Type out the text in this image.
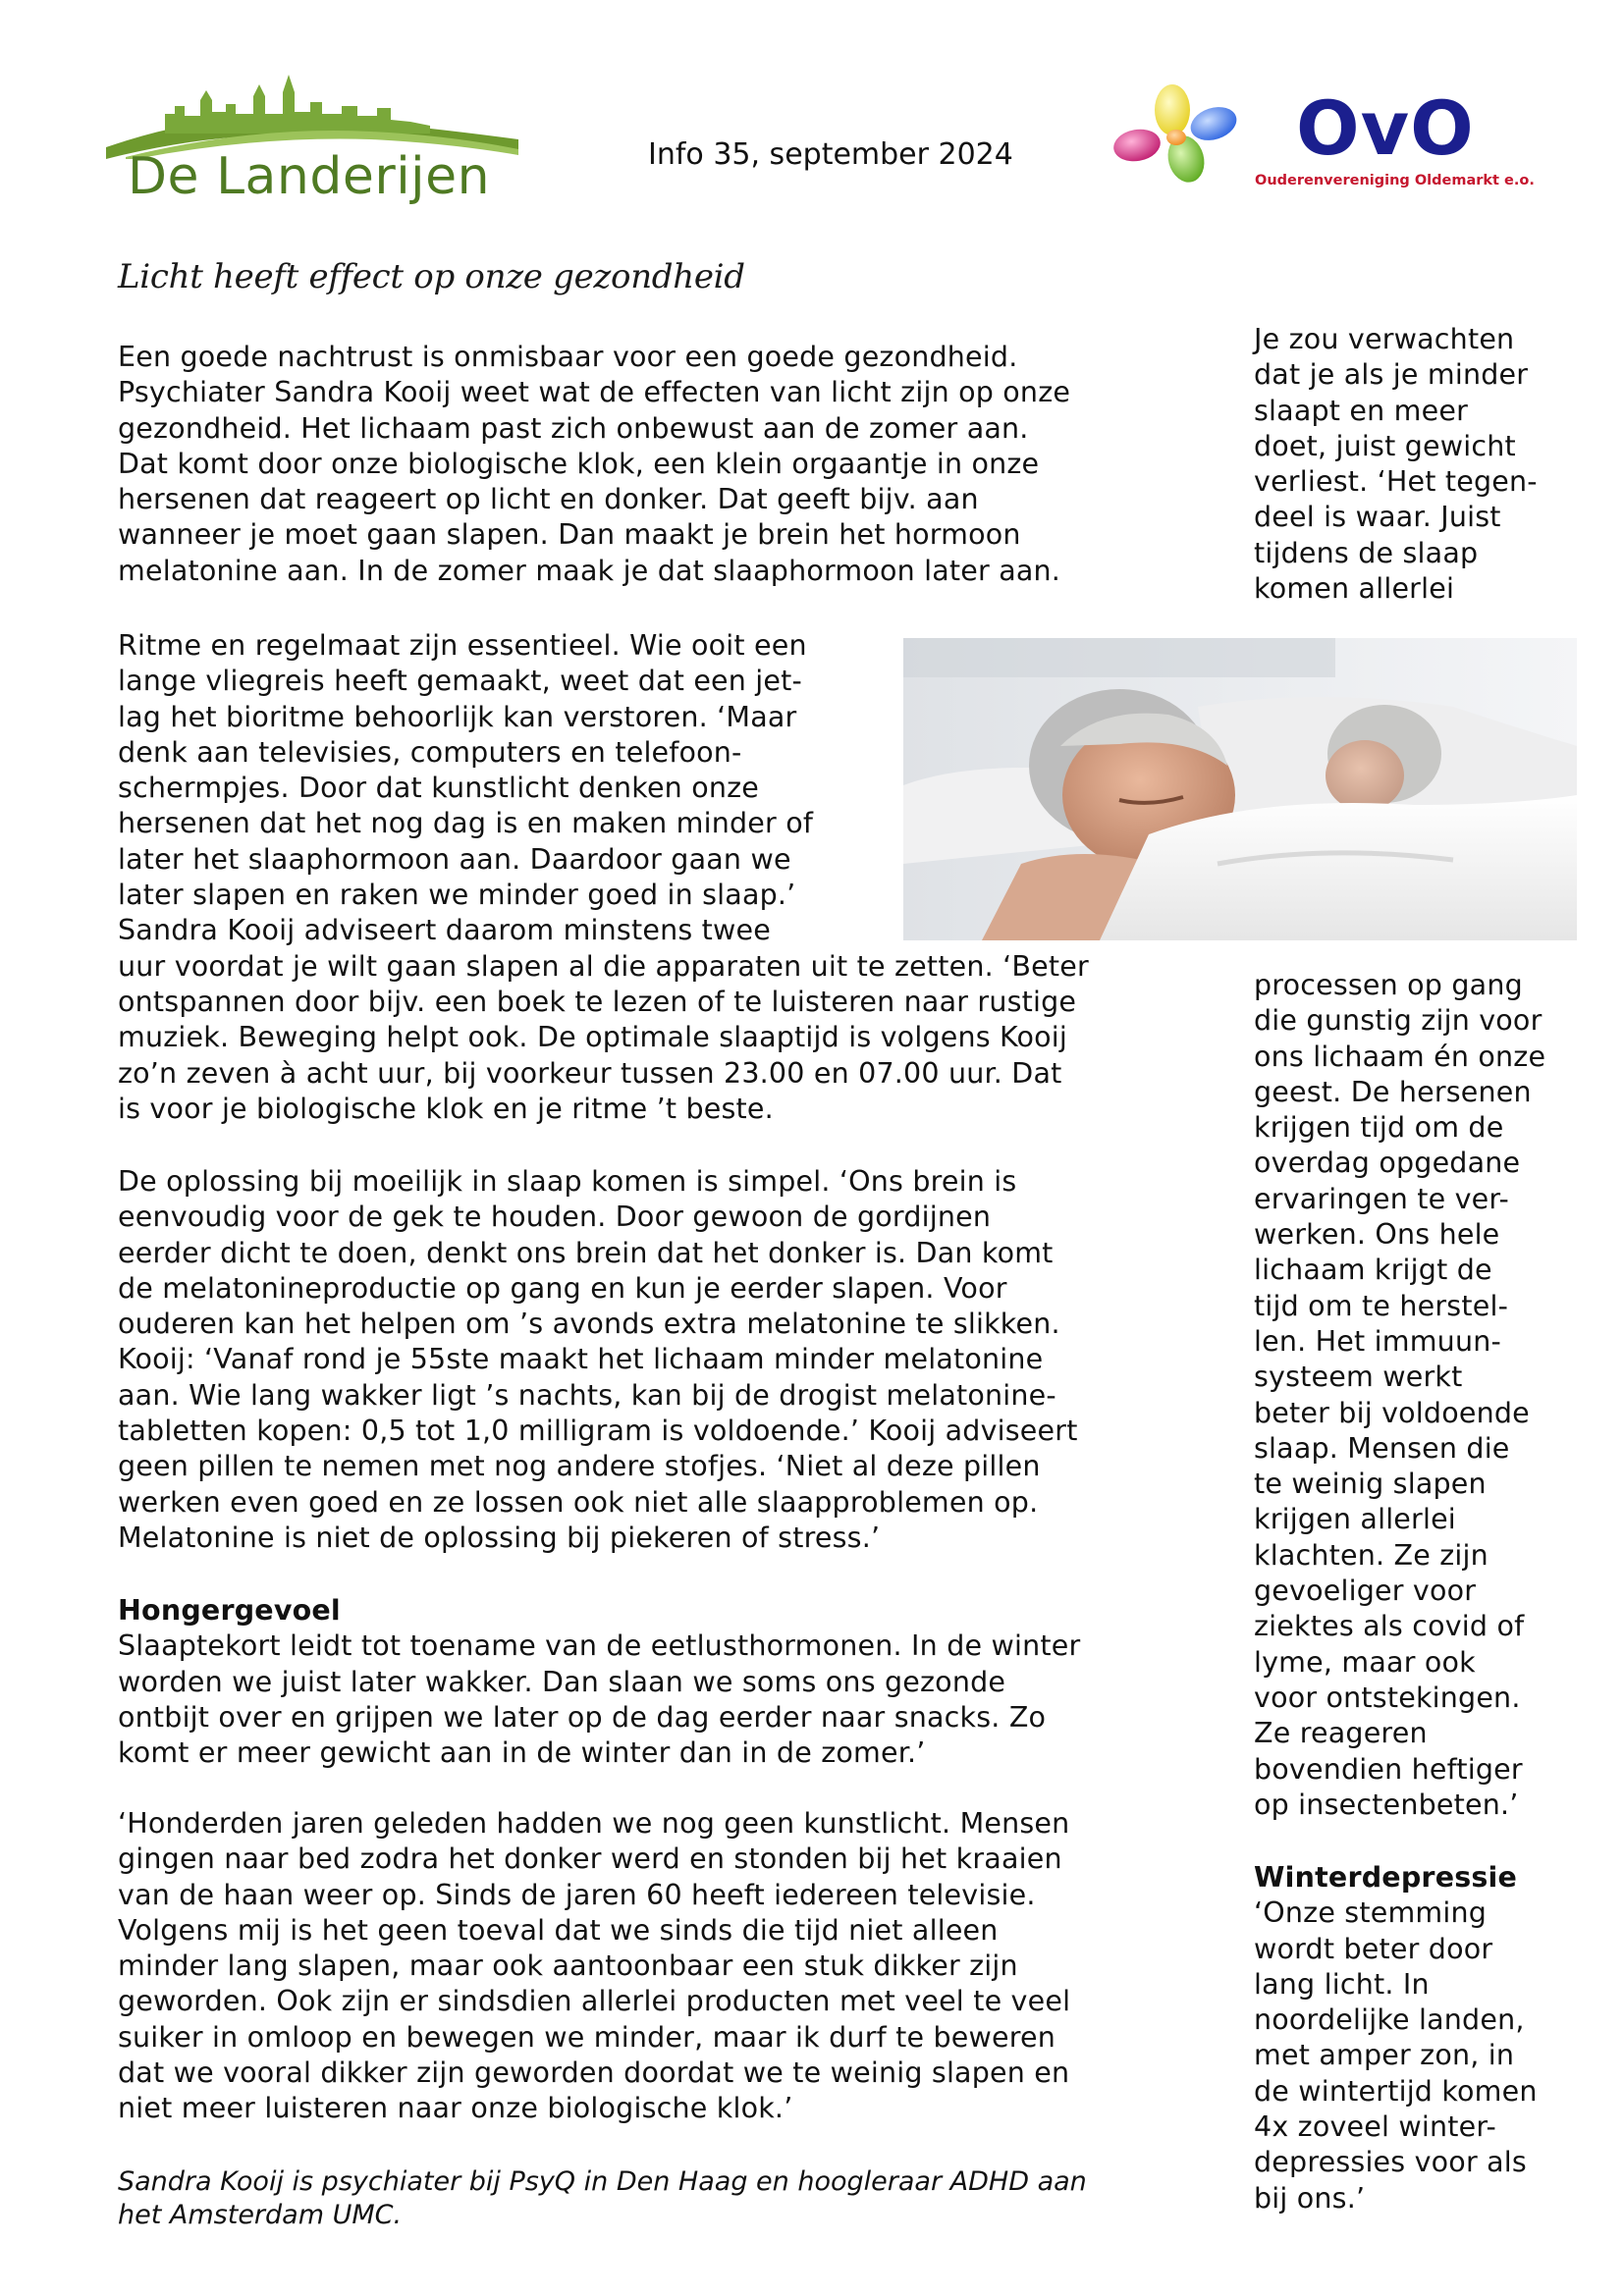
De Landerijen	Info 35, september 2024	OvO
Ouderenvereniging Oldemarkt e.o.
Licht heeft effect op onze gezondheid
Een goede nachtrust is onmisbaar voor een goede gezondheid.
Psychiater Sandra Kooij weet wat de effecten van licht zijn op onze
gezondheid. Het lichaam past zich onbewust aan de zomer aan.
Dat komt door onze biologische klok, een klein orgaantje in onze
hersenen dat reageert op licht en donker. Dat geeft bijv. aan
wanneer je moet gaan slapen. Dan maakt je brein het hormoon
melatonine aan. In de zomer maak je dat slaaphormoon later aan.
Je zou verwachten
dat je als je minder
slaapt en meer
doet, juist gewicht
verliest. ‘Het tegen-
deel is waar. Juist
tijdens de slaap
komen allerlei
Ritme en regelmaat zijn essentieel. Wie ooit een
lange vliegreis heeft gemaakt, weet dat een jet-
lag het bioritme behoorlijk kan verstoren. ‘Maar
denk aan televisies, computers en telefoon-
schermpjes. Door dat kunstlicht denken onze
hersenen dat het nog dag is en maken minder of
later het slaaphormoon aan. Daardoor gaan we
later slapen en raken we minder goed in slaap.’
Sandra Kooij adviseert daarom minstens twee
uur voordat je wilt gaan slapen al die apparaten uit te zetten. ‘Beter
ontspannen door bijv. een boek te lezen of te luisteren naar rustige
muziek. Beweging helpt ook. De optimale slaaptijd is volgens Kooij
zo’n zeven à acht uur, bij voorkeur tussen 23.00 en 07.00 uur. Dat
is voor je biologische klok en je ritme ’t beste.
processen op gang
die gunstig zijn voor
ons lichaam én onze
geest. De hersenen
krijgen tijd om de
overdag opgedane
ervaringen te ver-
werken. Ons hele
lichaam krijgt de
tijd om te herstel-
len. Het immuun-
systeem werkt
beter bij voldoende
slaap. Mensen die
te weinig slapen
krijgen allerlei
klachten. Ze zijn
gevoeliger voor
ziektes als covid of
lyme, maar ook
voor ontstekingen.
Ze reageren
bovendien heftiger
op insectenbeten.’
De oplossing bij moeilijk in slaap komen is simpel. ‘Ons brein is
eenvoudig voor de gek te houden. Door gewoon de gordijnen
eerder dicht te doen, denkt ons brein dat het donker is. Dan komt
de melatonineproductie op gang en kun je eerder slapen. Voor
ouderen kan het helpen om ’s avonds extra melatonine te slikken.
Kooij: ‘Vanaf rond je 55ste maakt het lichaam minder melatonine
aan. Wie lang wakker ligt ’s nachts, kan bij de drogist melatonine-
tabletten kopen: 0,5 tot 1,0 milligram is voldoende.’ Kooij adviseert
geen pillen te nemen met nog andere stofjes. ‘Niet al deze pillen
werken even goed en ze lossen ook niet alle slaapproblemen op.
Melatonine is niet de oplossing bij piekeren of stress.’
Hongergevoel
Slaaptekort leidt tot toename van de eetlusthormonen. In de winter
worden we juist later wakker. Dan slaan we soms ons gezonde
ontbijt over en grijpen we later op de dag eerder naar snacks. Zo
komt er meer gewicht aan in de winter dan in de zomer.’
‘Honderden jaren geleden hadden we nog geen kunstlicht. Mensen
gingen naar bed zodra het donker werd en stonden bij het kraaien
van de haan weer op. Sinds de jaren 60 heeft iedereen televisie.
Volgens mij is het geen toeval dat we sinds die tijd niet alleen
minder lang slapen, maar ook aantoonbaar een stuk dikker zijn
geworden. Ook zijn er sindsdien allerlei producten met veel te veel
suiker in omloop en bewegen we minder, maar ik durf te beweren
dat we vooral dikker zijn geworden doordat we te weinig slapen en
niet meer luisteren naar onze biologische klok.’
Winterdepressie
‘Onze stemming
wordt beter door
lang licht. In
noordelijke landen,
met amper zon, in
de wintertijd komen
4x zoveel winter-
depressies voor als
bij ons.’
Sandra Kooij is psychiater bij PsyQ in Den Haag en hoogleraar ADHD aan
het Amsterdam UMC.
